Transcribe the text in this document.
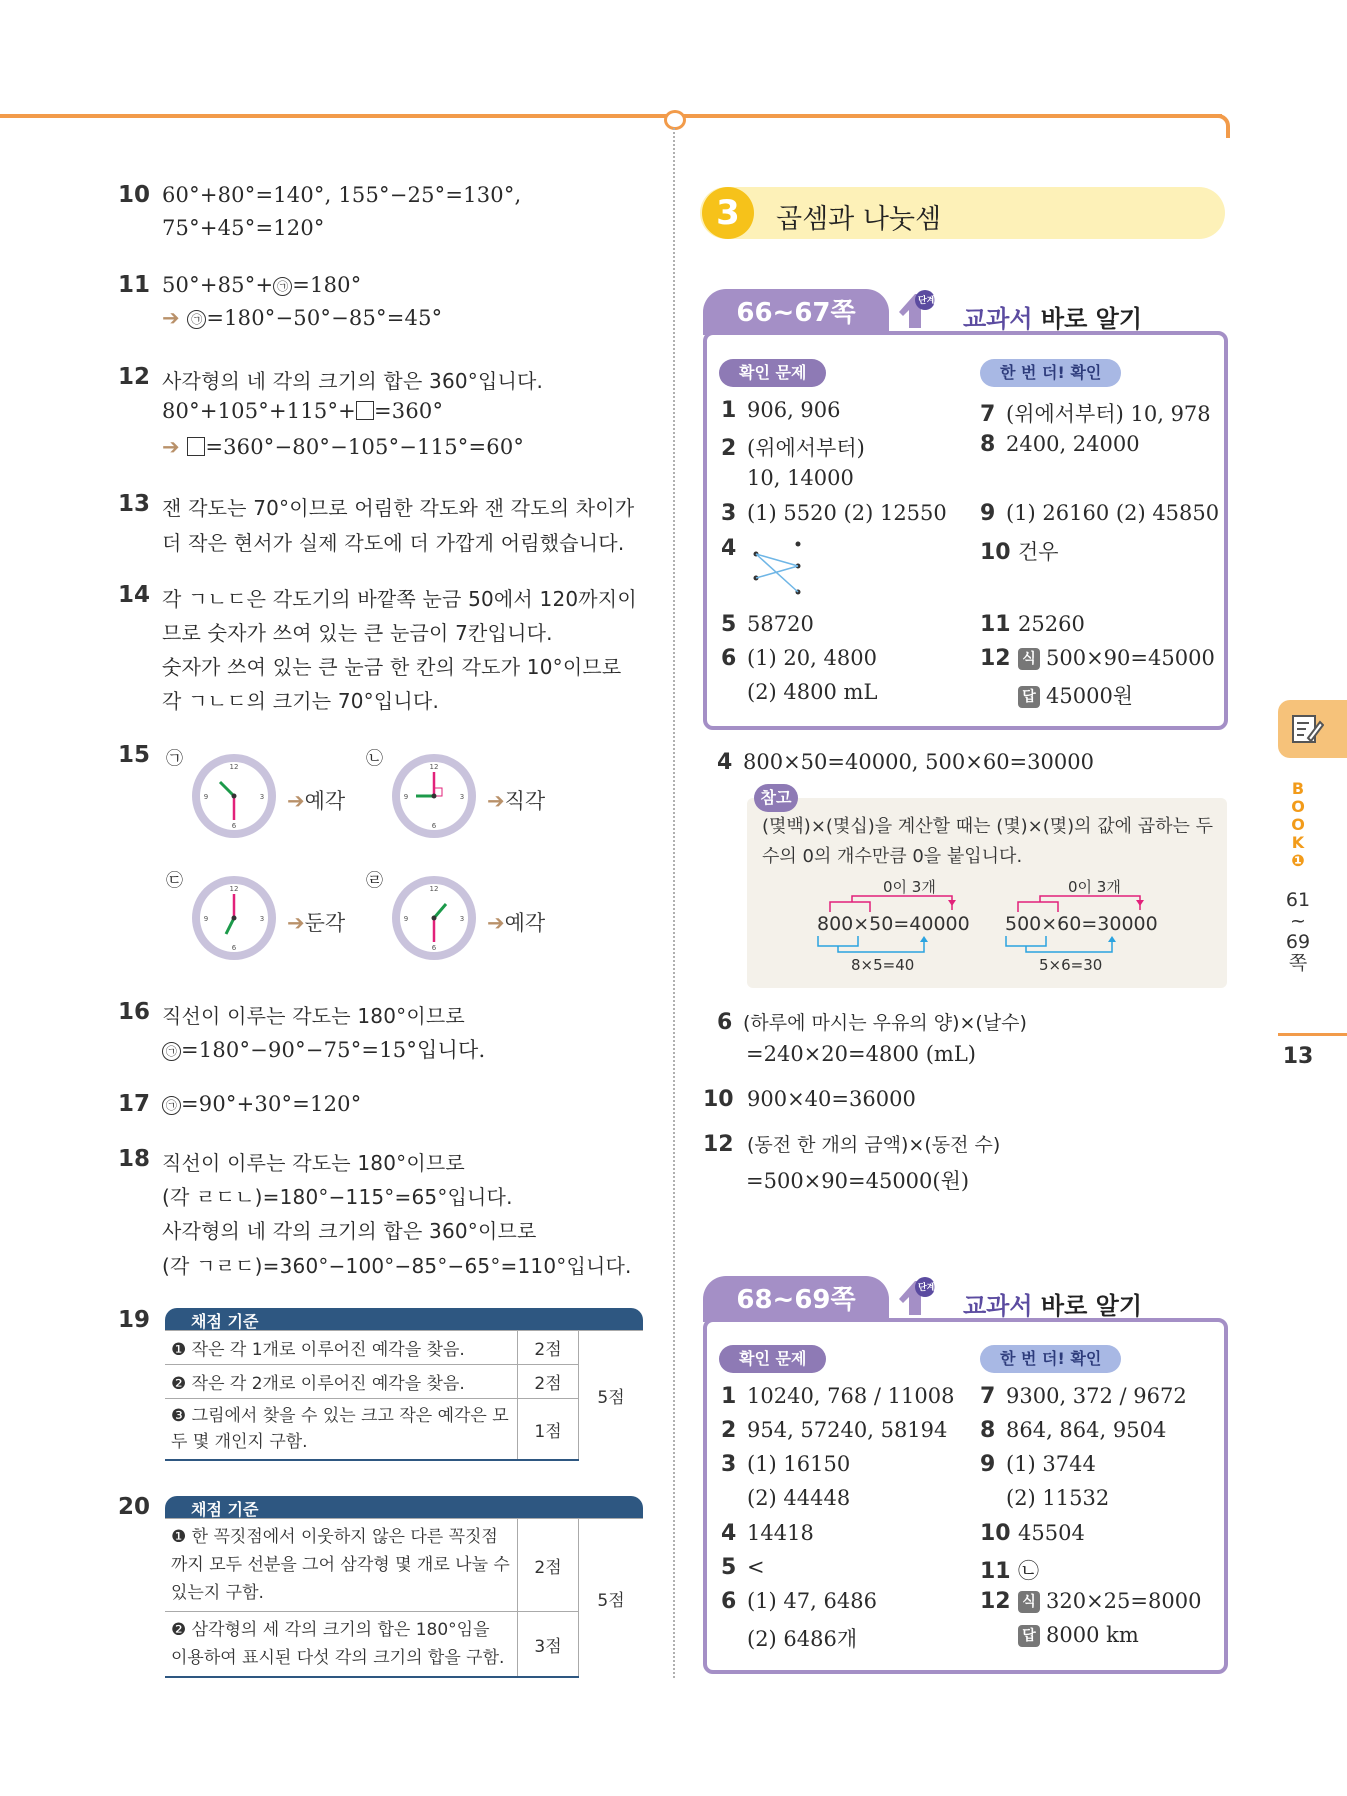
10 60°+80°=140°, 155°−25°=130°,
75°+45°=120°
11 50°+85°+ ㉠ =180°
➔ ㉠ =180°−50°−85°=45°
12 사각형의 네 각의 크기의 합은 360°입니다.
80°+105°+115°+ =360°
➔ =360°−80°−105°−115°=60°
13 잰 각도는 70°이므로 어림한 각도와 잰 각도의 차이가
더 작은 현서가 실제 각도에 더 가깝게 어림했습니다.
14 각 ㄱㄴㄷ은 각도기의 바깥쪽 눈금 50에서 120까지이
므로 숫자가 쓰여 있는 큰 눈금이 7칸입니다.
숫자가 쓰여 있는 큰 눈금 한 칸의 각도가 10°이므로
각 ㄱㄴㄷ의 크기는 70°입니다.
15 ㉠	12
3
6
9	➔예각
㉡	12
3
6
9	➔직각
㉢	12
3
6
9	➔둔각
㉣	12
3
6
9	➔예각
16 직선이 이루는 각도는 180°이므로
㉠ =180°−90°−75°=15°입니다.
17	㉠ =90°+30°=120°
18 직선이 이루는 각도는 180°이므로
(각 ㄹㄷㄴ)=180°−115°=65°입니다.
사각형의 네 각의 크기의 합은 360°이므로
(각 ㄱㄹㄷ)=360°−100°−85°−65°=110°입니다.
19	채점 기준
❶ 작은 각 1개로 이루어진 예각을 찾음.	2점	5점
❷ 작은 각 2개로 이루어진 예각을 찾음.	2점	
❸ 그림에서 찾을 수 있는 크고 작은 예각은 모두 몇 개인지 구함.	1점	
20	채점 기준
❶ 한 꼭짓점에서 이웃하지 않은 다른 꼭짓점까지 모두 선분을 그어 삼각형 몇 개로 나눌 수 있는지 구함.	2점	5점
❷ 삼각형의 세 각의 크기의 합은 180°임을 이용하여 표시된 다섯 각의 크기의 합을 구함.	3점	
3	곱셈과 나눗셈
66~67쪽	단계
교과서 바로 알기
확인 문제	한 번 더! 확인
1 906, 906
2 (위에서부터)
10, 14000
3 (1) 5520 (2) 12550
4
5 58720
6 (1) 20, 4800
(2) 4800 mL
7 (위에서부터) 10, 978
8 2400, 24000
9 (1) 26160 (2) 45850
10 건우
11 25260
12 식 500×90=45000
답 45000원
4 800×50=40000, 500×60=30000
참고
(몇백)×(몇십)을 계산할 때는 (몇)×(몇)의 값에 곱하는 두 수의 0의 개수만큼 0을 붙입니다.
0이 3개
800×50=40000
8×5=40
0이 3개
500×60=30000
5×6=30
6 (하루에 마시는 우유의 양)×(날수)
=240×20=4800 (mL)
10 900×40=36000
12 (동전 한 개의 금액)×(동전 수)
=500×90=45000(원)
68~69쪽	단계
교과서 바로 알기
확인 문제	한 번 더! 확인
1 10240, 768 / 11008
2 954, 57240, 58194
3 (1) 16150
(2) 44448
4 14418
5 <
6 (1) 47, 6486
(2) 6486개
7 9300, 372 / 9672
8 864, 864, 9504
9 (1) 3744
(2) 11532
10 45504
11 ㉡
12 식 320×25=8000
답 8000 km
BOOK
❶
61
~
69
쪽
13
